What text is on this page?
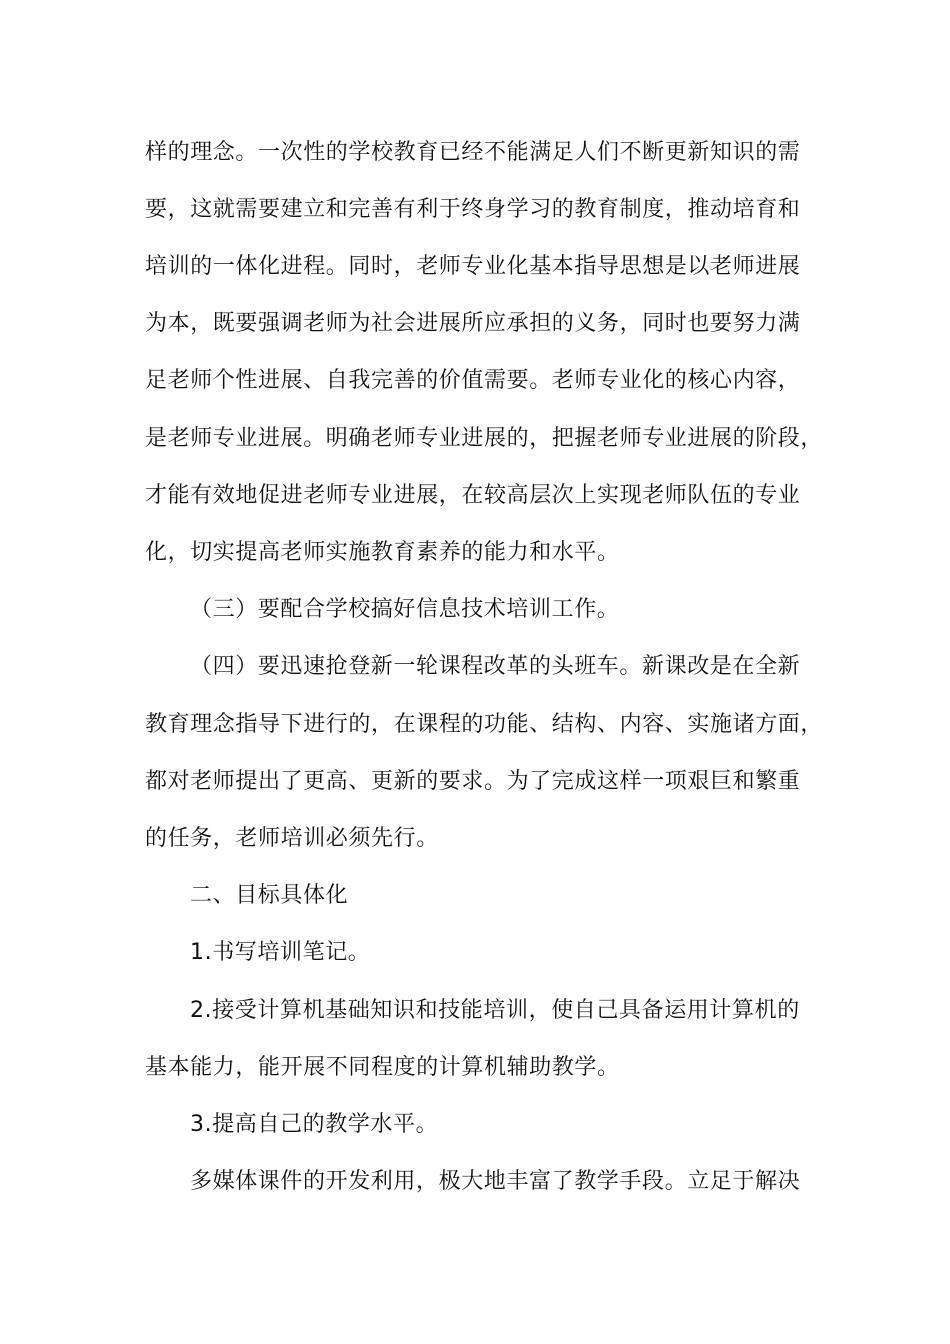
样的理念。一次性的学校教育已经不能满足人们不断更新知识的需
要，这就需要建立和完善有利于终身学习的教育制度，推动培育和
培训的一体化进程。同时，老师专业化基本指导思想是以老师进展
为本，既要强调老师为社会进展所应承担的义务，同时也要努力满
足老师个性进展、自我完善的价值需要。老师专业化的核心内容，
是老师专业进展。明确老师专业进展的，把握老师专业进展的阶段，
才能有效地促进老师专业进展，在较高层次上实现老师队伍的专业
化，切实提高老师实施教育素养的能力和水平。
（三）要配合学校搞好信息技术培训工作。
（四）要迅速抢登新一轮课程改革的头班车。新课改是在全新
教育理念指导下进行的，在课程的功能、结构、内容、实施诸方面，
都对老师提出了更高、更新的要求。为了完成这样一项艰巨和繁重
的任务，老师培训必须先行。
二、目标具体化
1.书写培训笔记。
2.接受计算机基础知识和技能培训，使自己具备运用计算机的
基本能力，能开展不同程度的计算机辅助教学。
3.提高自己的教学水平。
多媒体课件的开发利用，极大地丰富了教学手段。立足于解决
